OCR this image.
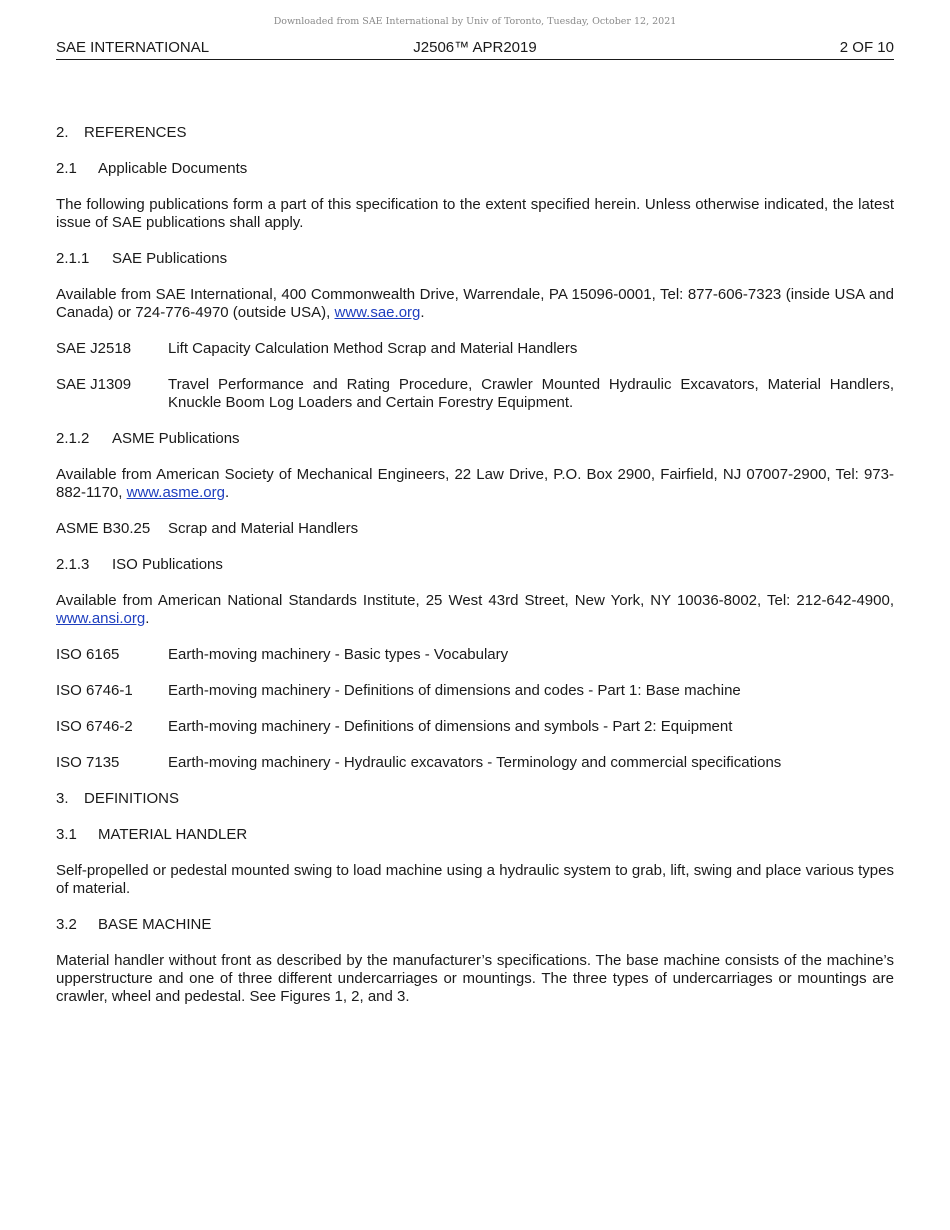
Downloaded from SAE International by Univ of Toronto, Tuesday, October 12, 2021
SAE INTERNATIONAL	J2506™ APR2019	2 OF 10

2. REFERENCES

2.1 Applicable Documents

The following publications form a part of this specification to the extent specified herein. Unless otherwise indicated, the latest issue of SAE publications shall apply.

2.1.1 SAE Publications

Available from SAE International, 400 Commonwealth Drive, Warrendale, PA 15096-0001, Tel: 877-606-7323 (inside USA and Canada) or 724-776-4970 (outside USA), www.sae.org.

SAE J2518	Lift Capacity Calculation Method Scrap and Material Handlers
SAE J1309	Travel Performance and Rating Procedure, Crawler Mounted Hydraulic Excavators, Material Handlers, Knuckle Boom Log Loaders and Certain Forestry Equipment.

2.1.2 ASME Publications

Available from American Society of Mechanical Engineers, 22 Law Drive, P.O. Box 2900, Fairfield, NJ 07007-2900, Tel: 973-882-1170, www.asme.org.

ASME B30.25	Scrap and Material Handlers

2.1.3 ISO Publications

Available from American National Standards Institute, 25 West 43rd Street, New York, NY 10036-8002, Tel: 212-642-4900, www.ansi.org.

ISO 6165	Earth-moving machinery - Basic types - Vocabulary
ISO 6746-1	Earth-moving machinery - Definitions of dimensions and codes - Part 1: Base machine
ISO 6746-2	Earth-moving machinery - Definitions of dimensions and symbols - Part 2: Equipment
ISO 7135	Earth-moving machinery - Hydraulic excavators - Terminology and commercial specifications

3. DEFINITIONS

3.1 MATERIAL HANDLER

Self-propelled or pedestal mounted swing to load machine using a hydraulic system to grab, lift, swing and place various types of material.

3.2 BASE MACHINE

Material handler without front as described by the manufacturer’s specifications. The base machine consists of the machine’s upperstructure and one of three different undercarriages or mountings. The three types of undercarriages or mountings are crawler, wheel and pedestal. See Figures 1, 2, and 3.
